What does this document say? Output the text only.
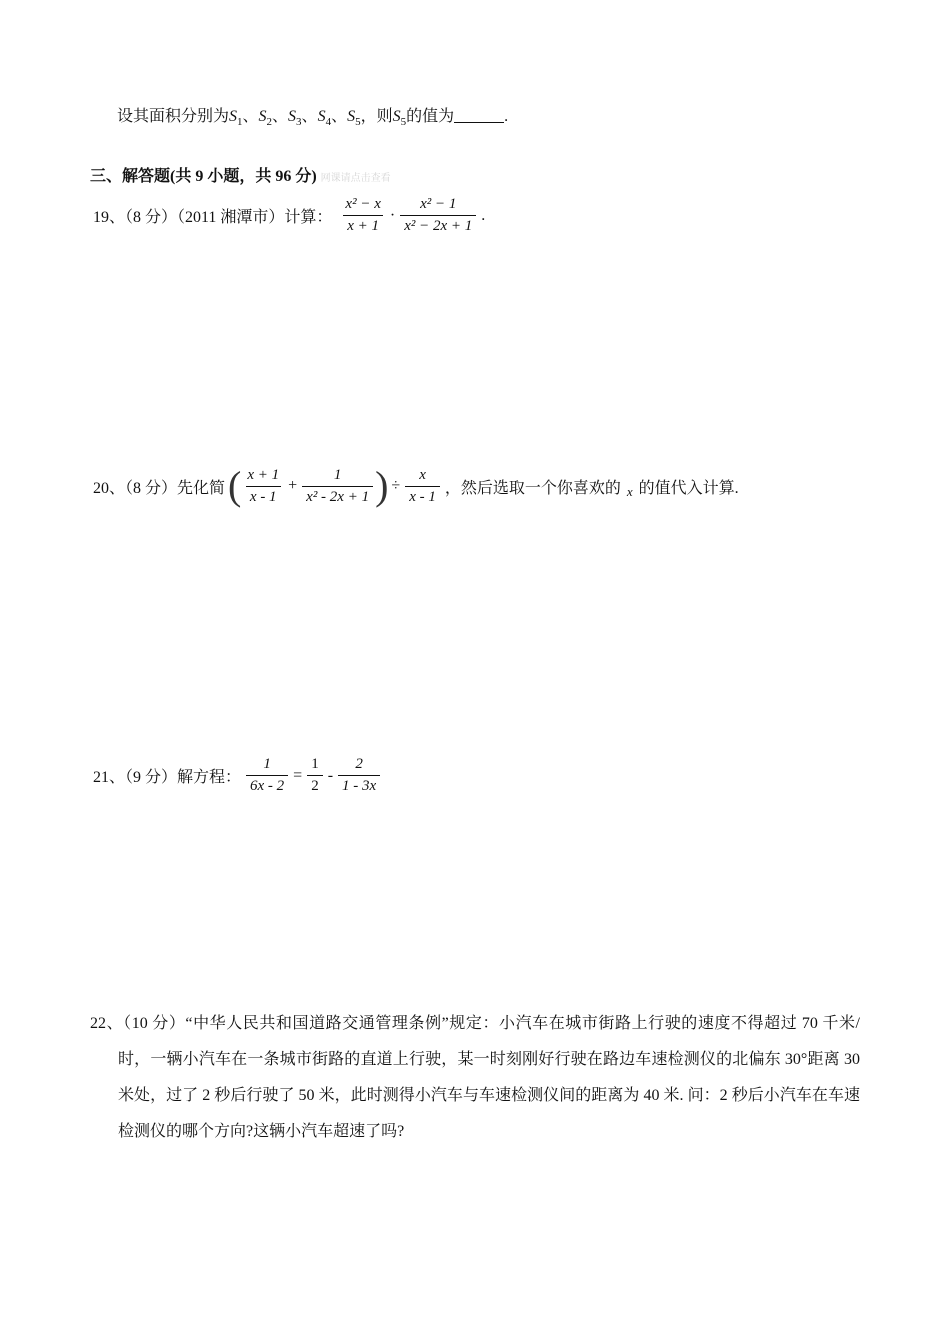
设其面积分别为$S_1$、$S_2$、$S_3$、$S_4$、$S_5$，则$S_5$的值为	.
三、解答题(共 9 小题，共 96 分) 网课请点击查看
19、（8 分）（2011 湘潭市）计算： $\frac{\text{x² − x}}{x + 1} \cdot \frac{\text{x² − 1}}{\text{x² − 2x + 1}}$ .
20、（8 分）先化简( $\frac{x + 1}{x - 1} + \frac{1}{\text{x² - 2x + 1}}$ ) ÷ $\frac{x}{x - 1}$ ，然后选取一个你喜欢的 $_x$ 的值代入计算.
21、（9 分）解方程： $\frac{1}{6x - 2} = \frac{1}{2} - \frac{2}{1 - 3x}$
22、（10 分）“中华人民共和国道路交通管理条例”规定：小汽车在城市街路上行驶的速度不得超过 70 千米/时，一辆小汽车在一条城市街路的直道上行驶，某一时刻刚好行驶在路边车速检测仪的北偏东 30°距离 30 米处，过了 2 秒后行驶了 50 米，此时测得小汽车与车速检测仪间的距离为 40 米. 问：2 秒后小汽车在车速检测仪的哪个方向?这辆小汽车超速了吗?
